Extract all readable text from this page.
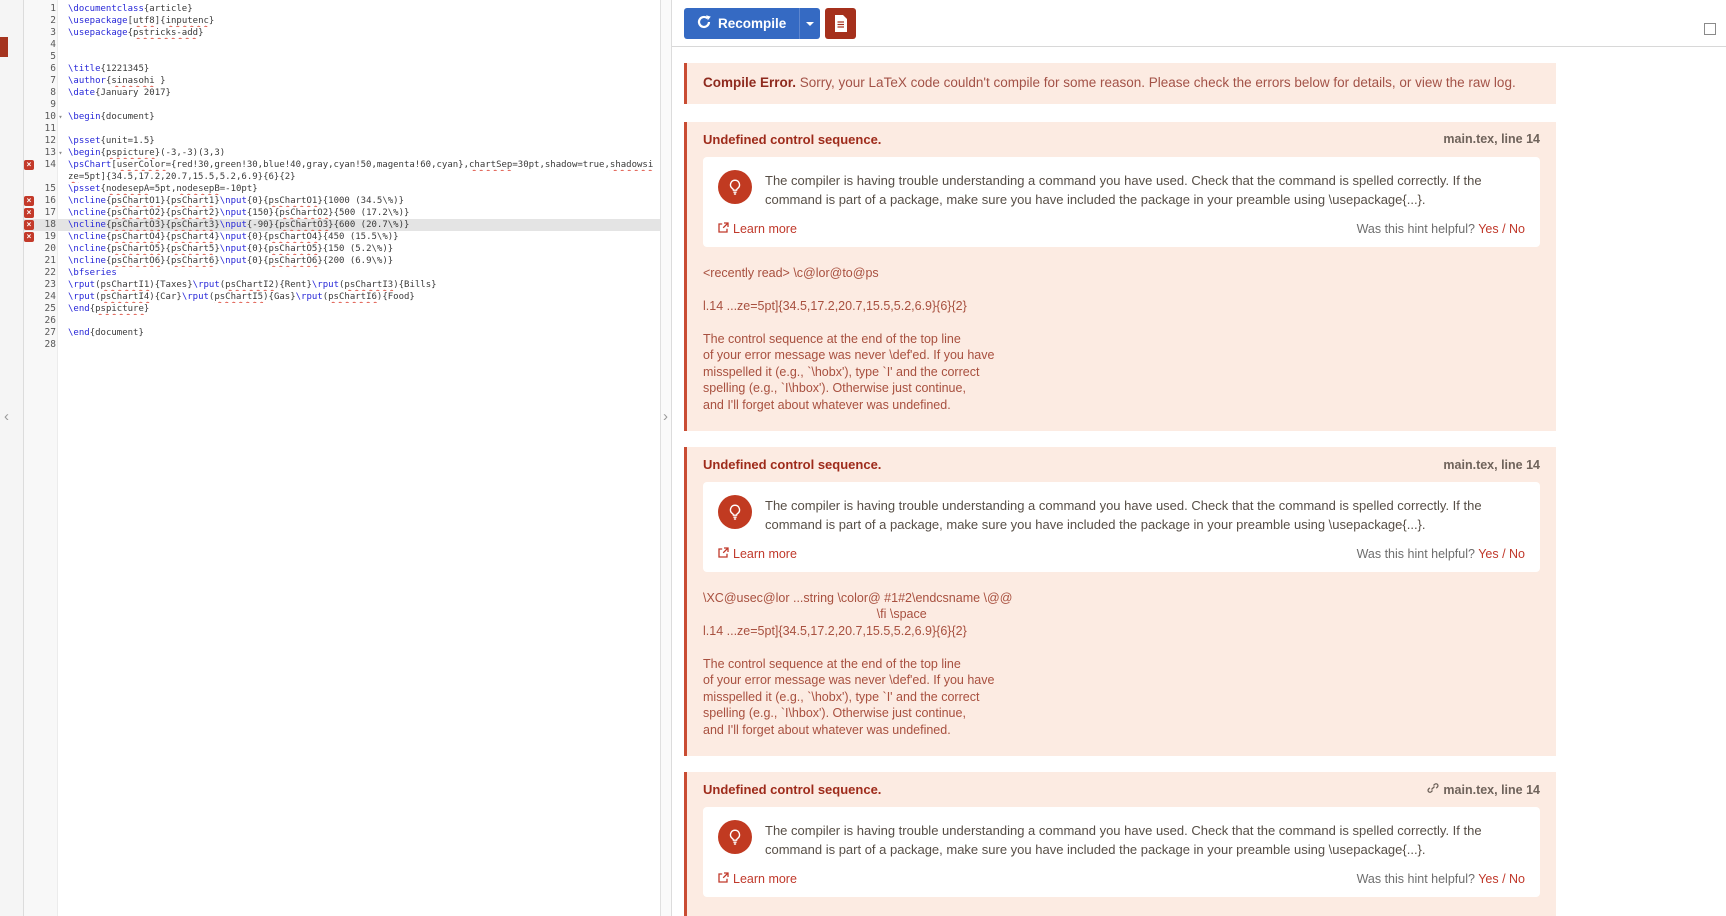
1	\documentclass{article}
2	\usepackage[utf8]{inputenc}
3	\usepackage{pstricks-add}
4
5
6	\title{1221345}
7	\author{sinasohi }
8	\date{January 2017}
9
10 ▾ \begin{document}
11
12	\psset{unit=1.5}
13 ▾ \begin{pspicture}(-3,-3)(3,3)
×	14	\psChart[userColor={red!30,green!30,blue!40,gray,cyan!50,magenta!60,cyan},chartSep=30pt,shadow=true,shadowsi
ze=5pt]{34.5,17.2,20.7,15.5,5.2,6.9}{6}{2}
15	\psset{nodesepA=5pt,nodesepB=-10pt}
×	16	\ncline{psChartO1}{psChart1}\nput{0}{psChartO1}{1000 (34.5\%)}
×	17	\ncline{psChartO2}{psChart2}\nput{150}{psChartO2}{500 (17.2\%)}
×	18	\ncline{psChartO3}{psChart3}\nput{-90}{psChartO3}{600 (20.7\%)}
×	19	\ncline{psChartO4}{psChart4}\nput{0}{psChartO4}{450 (15.5\%)}
20	\ncline{psChartO5}{psChart5}\nput{0}{psChartO5}{150 (5.2\%)}
21	\ncline{psChartO6}{psChart6}\nput{0}{psChartO6}{200 (6.9\%)}
22	\bfseries
23	\rput(psChartI1){Taxes}\rput(psChartI2){Rent}\rput(psChartI3){Bills}
24	\rput(psChartI4){Car}\rput(psChartI5){Gas}\rput(psChartI6){Food}
25	\end{pspicture}
26
27	\end{document}
28
‹	›
Recompile
Compile Error. Sorry, your LaTeX code couldn't compile for some reason. Please check the errors below for details, or view the raw log.
Undefined control sequence.	main.tex, line 14
The compiler is having trouble understanding a command you have used. Check that the command is spelled correctly. If the command is part of a package, make sure you have included the package in your preamble using \usepackage{...}.
Learn more	Was this hint helpful? Yes / No
<recently read> \c@lor@to@ps

l.14 ...ze=5pt]{34.5,17.2,20.7,15.5,5.2,6.9}{6}{2}

The control sequence at the end of the top line
of your error message was never \def'ed. If you have
misspelled it (e.g., `\hobx'), type `I' and the correct
spelling (e.g., `I\hbox'). Otherwise just continue,
and I'll forget about whatever was undefined.
Undefined control sequence.	main.tex, line 14
The compiler is having trouble understanding a command you have used. Check that the command is spelled correctly. If the command is part of a package, make sure you have included the package in your preamble using \usepackage{...}.
Learn more	Was this hint helpful? Yes / No
\XC@usec@lor ...string \color@ #1#2\endcsname \@@
\fi \space
l.14 ...ze=5pt]{34.5,17.2,20.7,15.5,5.2,6.9}{6}{2}

The control sequence at the end of the top line
of your error message was never \def'ed. If you have
misspelled it (e.g., `\hobx'), type `I' and the correct
spelling (e.g., `I\hbox'). Otherwise just continue,
and I'll forget about whatever was undefined.
Undefined control sequence.	main.tex, line 14
The compiler is having trouble understanding a command you have used. Check that the command is spelled correctly. If the command is part of a package, make sure you have included the package in your preamble using \usepackage{...}.
Learn more	Was this hint helpful? Yes / No
